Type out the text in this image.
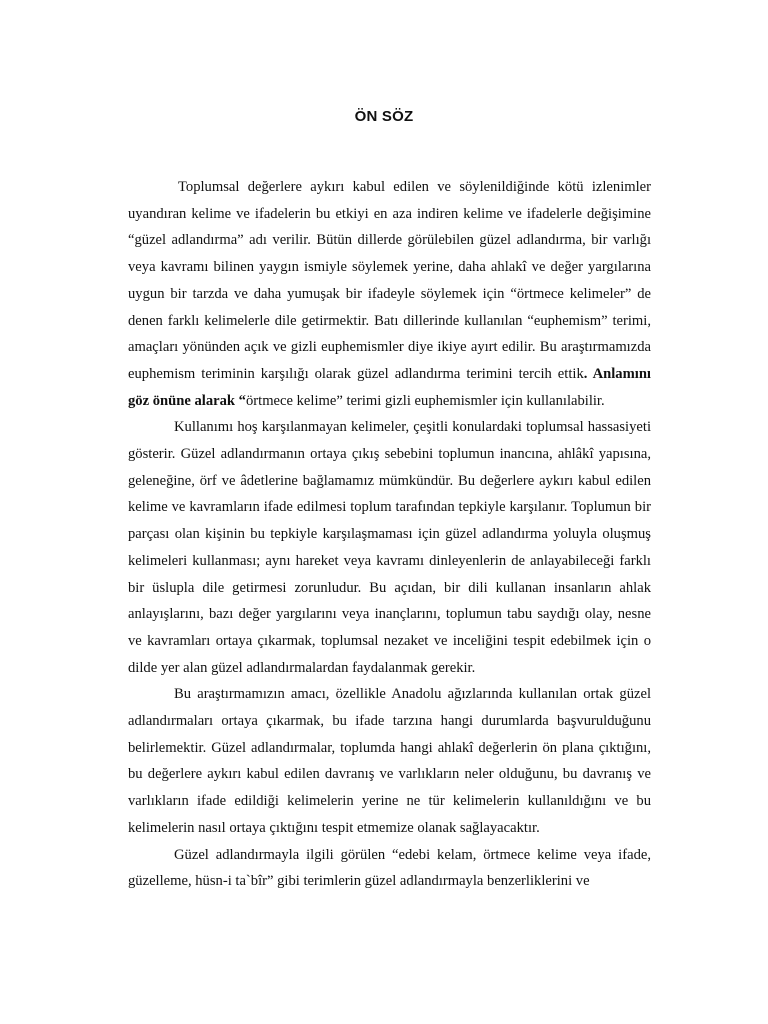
ÖN SÖZ

Toplumsal değerlere aykırı kabul edilen ve söylenildiğinde kötü izlenimler uyandıran kelime ve ifadelerin bu etkiyi en aza indiren kelime ve ifadelerle değişimine “güzel adlandırma” adı verilir. Bütün dillerde görülebilen güzel adlandırma, bir varlığı veya kavramı bilinen yaygın ismiyle söylemek yerine, daha ahlakî ve değer yargılarına uygun bir tarzda ve daha yumuşak bir ifadeyle söylemek için “örtmece kelimeler” de denen farklı kelimelerle dile getirmektir. Batı dillerinde kullanılan “euphemism” terimi, amaçları yönünden açık ve gizli euphemismler diye ikiye ayırt edilir. Bu araştırmamızda euphemism teriminin karşılığı olarak güzel adlandırma terimini tercih ettik. Anlamını göz önüne alarak “örtmece kelime” terimi gizli euphemismler için kullanılabilir.

Kullanımı hoş karşılanmayan kelimeler, çeşitli konulardaki toplumsal hassasiyeti gösterir. Güzel adlandırmanın ortaya çıkış sebebini toplumun inancına, ahlâkî yapısına, geleneğine, örf ve âdetlerine bağlamamız mümkündür. Bu değerlere aykırı kabul edilen kelime ve kavramların ifade edilmesi toplum tarafından tepkiyle karşılanır. Toplumun bir parçası olan kişinin bu tepkiyle karşılaşmaması için güzel adlandırma yoluyla oluşmuş kelimeleri kullanması; aynı hareket veya kavramı dinleyenlerin de anlayabileceği farklı bir üslupla dile getirmesi zorunludur. Bu açıdan, bir dili kullanan insanların ahlak anlayışlarını, bazı değer yargılarını veya inançlarını, toplumun tabu saydığı olay, nesne ve kavramları ortaya çıkarmak, toplumsal nezaket ve inceliğini tespit edebilmek için o dilde yer alan güzel adlandırmalardan faydalanmak gerekir.

Bu araştırmamızın amacı, özellikle Anadolu ağızlarında kullanılan ortak güzel adlandırmaları ortaya çıkarmak, bu ifade tarzına hangi durumlarda başvurulduğunu belirlemektir. Güzel adlandırmalar, toplumda hangi ahlakî değerlerin ön plana çıktığını, bu değerlere aykırı kabul edilen davranış ve varlıkların neler olduğunu, bu davranış ve varlıkların ifade edildiği kelimelerin yerine ne tür kelimelerin kullanıldığını ve bu kelimelerin nasıl ortaya çıktığını tespit etmemize olanak sağlayacaktır.

Güzel adlandırmayla ilgili görülen “edebi kelam, örtmece kelime veya ifade, güzelleme, hüsn-i ta`bîr” gibi terimlerin güzel adlandırmayla benzerliklerini ve
